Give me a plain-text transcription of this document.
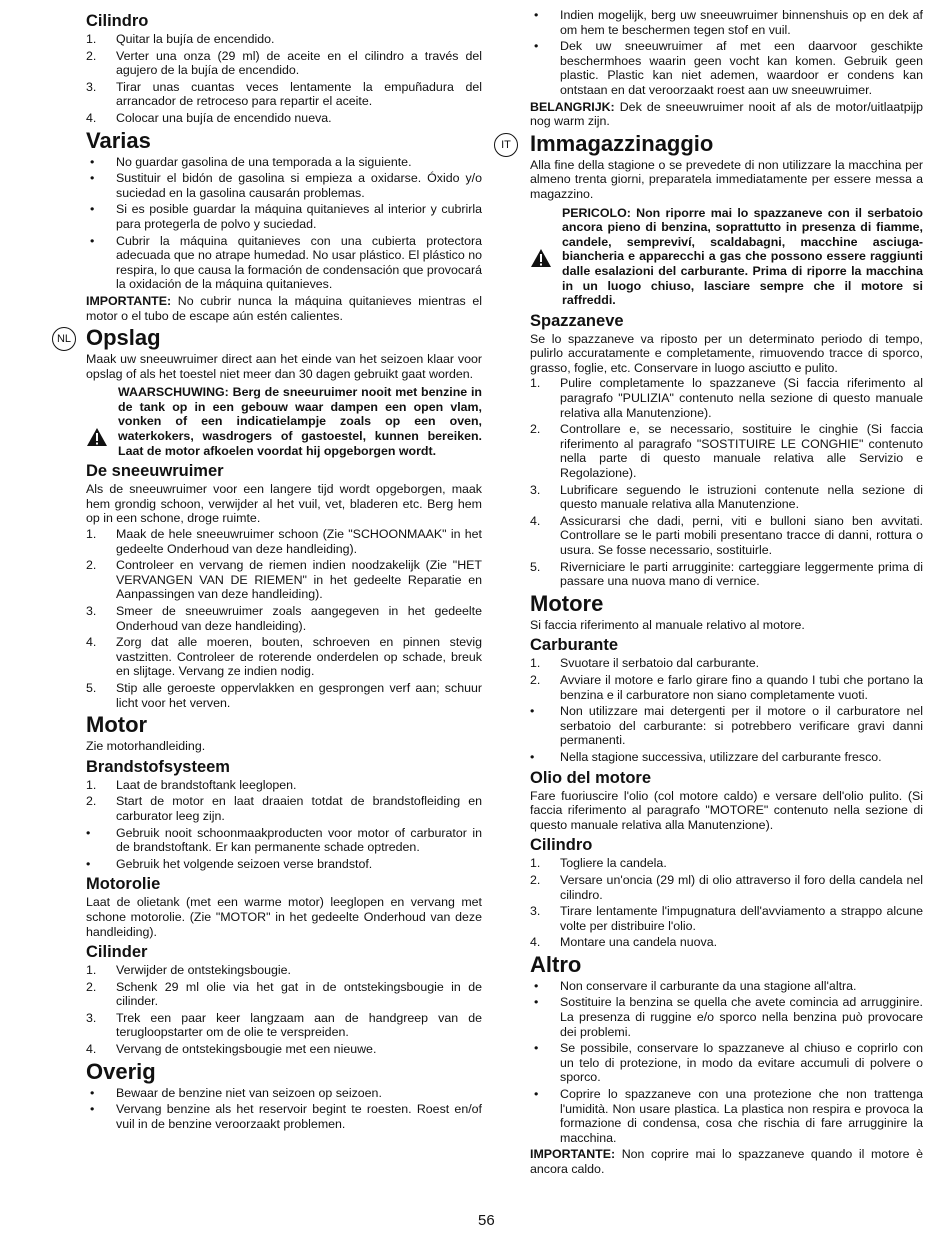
Cilindro
1.	Quitar la bujía de encendido.
2.	Verter una onza (29 ml) de aceite en el cilindro a través del agujero de la bujía de encendido.
3.	Tirar unas cuantas veces lentamente la empuñadura del arrancador de retroceso para repartir el aceite.
4.	Colocar una bujía de encendido nueva.
Varias
•	No guardar gasolina de una temporada a la siguiente.
•	Sustituir el bidón de gasolina si empieza a oxidarse. Óxido y/o suciedad en la gasolina causarán problemas.
•	Si es posible guardar la máquina quitanieves al interior y cubrirla para protegerla de polvo y suciedad.
•	Cubrir la máquina quitanieves con una cubierta protectora adecuada que no atrape humedad. No usar plástico. El plástico no respira, lo que causa la formación de condensación que provocará la oxidación de la máquina quitanieves.

IMPORTANTE: No cubrir nunca la máquina quitanieves mientras el motor o el tubo de escape aún estén calientes.

NL Opslag

Maak uw sneeuwruimer direct aan het einde van het seizoen klaar voor opslag of als het toestel niet meer dan 30 dagen gebruikt gaat worden.

WAARSCHUWING: Berg de sneeuruimer nooit met benzine in de tank op in een gebouw waar dampen een open vlam, vonken of een indicatielampje zoals op een oven, waterkokers, wasdrogers of gastoestel, kunnen bereiken. Laat de motor afkoelen voordat hij opgeborgen wordt.

De sneeuwruimer

Als de sneeuwruimer voor een langere tijd wordt opgeborgen, maak hem grondig schoon, verwijder al het vuil, vet, bladeren etc. Berg hem op in een schone, droge ruimte.

1.	Maak de hele sneeuwruimer schoon (Zie "SCHOONMAAK" in het gedeelte Onderhoud van deze handleiding).
2.	Controleer en vervang de riemen indien noodzakelijk (Zie "HET VERVANGEN VAN DE RIEMEN" in het gedeelte Reparatie en Aanpassingen van deze handleiding).
3.	Smeer de sneeuwruimer zoals aangegeven in het gedeelte Onderhoud van deze handleiding).
4.	Zorg dat alle moeren, bouten, schroeven en pinnen stevig vastzitten. Controleer de roterende onderdelen op schade, breuk en slijtage. Vervang ze indien nodig.
5.	Stip alle geroeste oppervlakken en gesprongen verf aan; schuur licht voor het verven.
Motor

Zie motorhandleiding.

Brandstofsysteem
1.	Laat de brandstoftank leeglopen.
2.	Start de motor en laat draaien totdat de brandstofleiding en carburator leeg zijn.
•	Gebruik nooit schoonmaakproducten voor motor of carburator in de brandstoftank. Er kan permanente schade optreden.
•	Gebruik het volgende seizoen verse brandstof.
Motorolie

Laat de olietank (met een warme motor) leeglopen en vervang met schone motorolie. (Zie "MOTOR" in het gedeelte Onderhoud van deze handleiding).

Cilinder
1.	Verwijder de ontstekingsbougie.
2.	Schenk 29 ml olie via het gat in de ontstekingsbougie in de cilinder.
3.	Trek een paar keer langzaam aan de handgreep van de terugloopstarter om de olie te verspreiden.
4.	Vervang de ontstekingsbougie met een nieuwe.
Overig
•	Bewaar de benzine niet van seizoen op seizoen.
•	Vervang benzine als het reservoir begint te roesten. Roest en/of vuil in de benzine veroorzaakt problemen.
•	Indien mogelijk, berg uw sneeuwruimer binnenshuis op en dek af om hem te beschermen tegen stof en vuil.
•	Dek uw sneeuwruimer af met een daarvoor geschikte beschermhoes waarin geen vocht kan komen. Gebruik geen plastic. Plastic kan niet ademen, waardoor er condens kan ontstaan en dat veroorzaakt roest aan uw sneeuwruimer.

BELANGRIJK: Dek de sneeuwruimer nooit af als de motor/uitlaatpijp nog warm zijn.

IT Immagazzinaggio

Alla fine della stagione o se prevedete di non utilizzare la macchina per almeno trenta giorni, preparatela immediatamente per essere messa a magazzino.

PERICOLO: Non riporre mai lo spazzaneve con il serbatoio ancora pieno di benzina, soprattutto in presenza di fiamme, candele, sempreviví, scaldabagni, macchine asciuga-biancheria e apparecchi a gas che possono essere raggiunti dalle esalazioni del carburante. Prima di riporre la macchina in un luogo chiuso, lasciare sempre che il motore si raffreddi.

Spazzaneve

Se lo spazzaneve va riposto per un determinato periodo di tempo, pulirlo accuratamente e completamente, rimuovendo tracce di sporco, grasso, foglie, etc. Conservare in luogo asciutto e pulito.

1.	Pulire completamente lo spazzaneve (Si faccia riferimento al paragrafo "PULIZIA" contenuto nella sezione di questo manuale relativa alla Manutenzione).
2.	Controllare e, se necessario, sostituire le cinghie (Si faccia riferimento al paragrafo "SOSTITUIRE LE CONGHIE" contenuto nella parte di questo manuale relativa alle Servizio e Regolazione).
3.	Lubrificare seguendo le istruzioni contenute nella sezione di questo manuale relativa alla Manutenzione.
4.	Assicurarsi che dadi, perni, viti e bulloni siano ben avvitati. Controllare se le parti mobili presentano tracce di danni, rottura o usura. Se fosse necessario, sostituirle.
5.	Riverniciare le parti arrugginite: carteggiare leggermente prima di passare una nuova mano di vernice.
Motore

Si faccia riferimento al manuale relativo al motore.

Carburante
1.	Svuotare il serbatoio dal carburante.
2.	Avviare il motore e farlo girare fino a quando I tubi che portano la benzina e il carburatore non siano completamente vuoti.
•	Non utilizzare mai detergenti per il motore o il carburatore nel serbatoio del carburante: si potrebbero verificare gravi danni permanenti.
•	Nella stagione successiva, utilizzare del carburante fresco.
Olio del motore

Fare fuoriuscire l'olio (col motore caldo) e versare dell'olio pulito. (Si faccia riferimento al paragrafo "MOTORE" contenuto nella sezione di questo manuale relativa alla Manutenzione).

Cilindro
1.	Togliere la candela.
2.	Versare un'oncia (29 ml) di olio attraverso il foro della candela nel cilindro.
3.	Tirare lentamente l'impugnatura dell'avviamento a strappo alcune volte per distribuire l'olio.
4.	Montare una candela nuova.
Altro
•	Non conservare il carburante da una stagione all'altra.
•	Sostituire la benzina se quella che avete comincia ad arrugginire. La presenza di ruggine e/o sporco nella benzina può provocare dei problemi.
•	Se possibile, conservare lo spazzaneve al chiuso e coprirlo con un telo di protezione, in modo da evitare accumuli di polvere o sporco.
•	Coprire lo spazzaneve con una protezione che non trattenga l'umidità. Non usare plastica. La plastica non respira e provoca la formazione di condensa, cosa che rischia di fare arrugginire la macchina.

IMPORTANTE: Non coprire mai lo spazzaneve quando il motore è ancora caldo.

56
